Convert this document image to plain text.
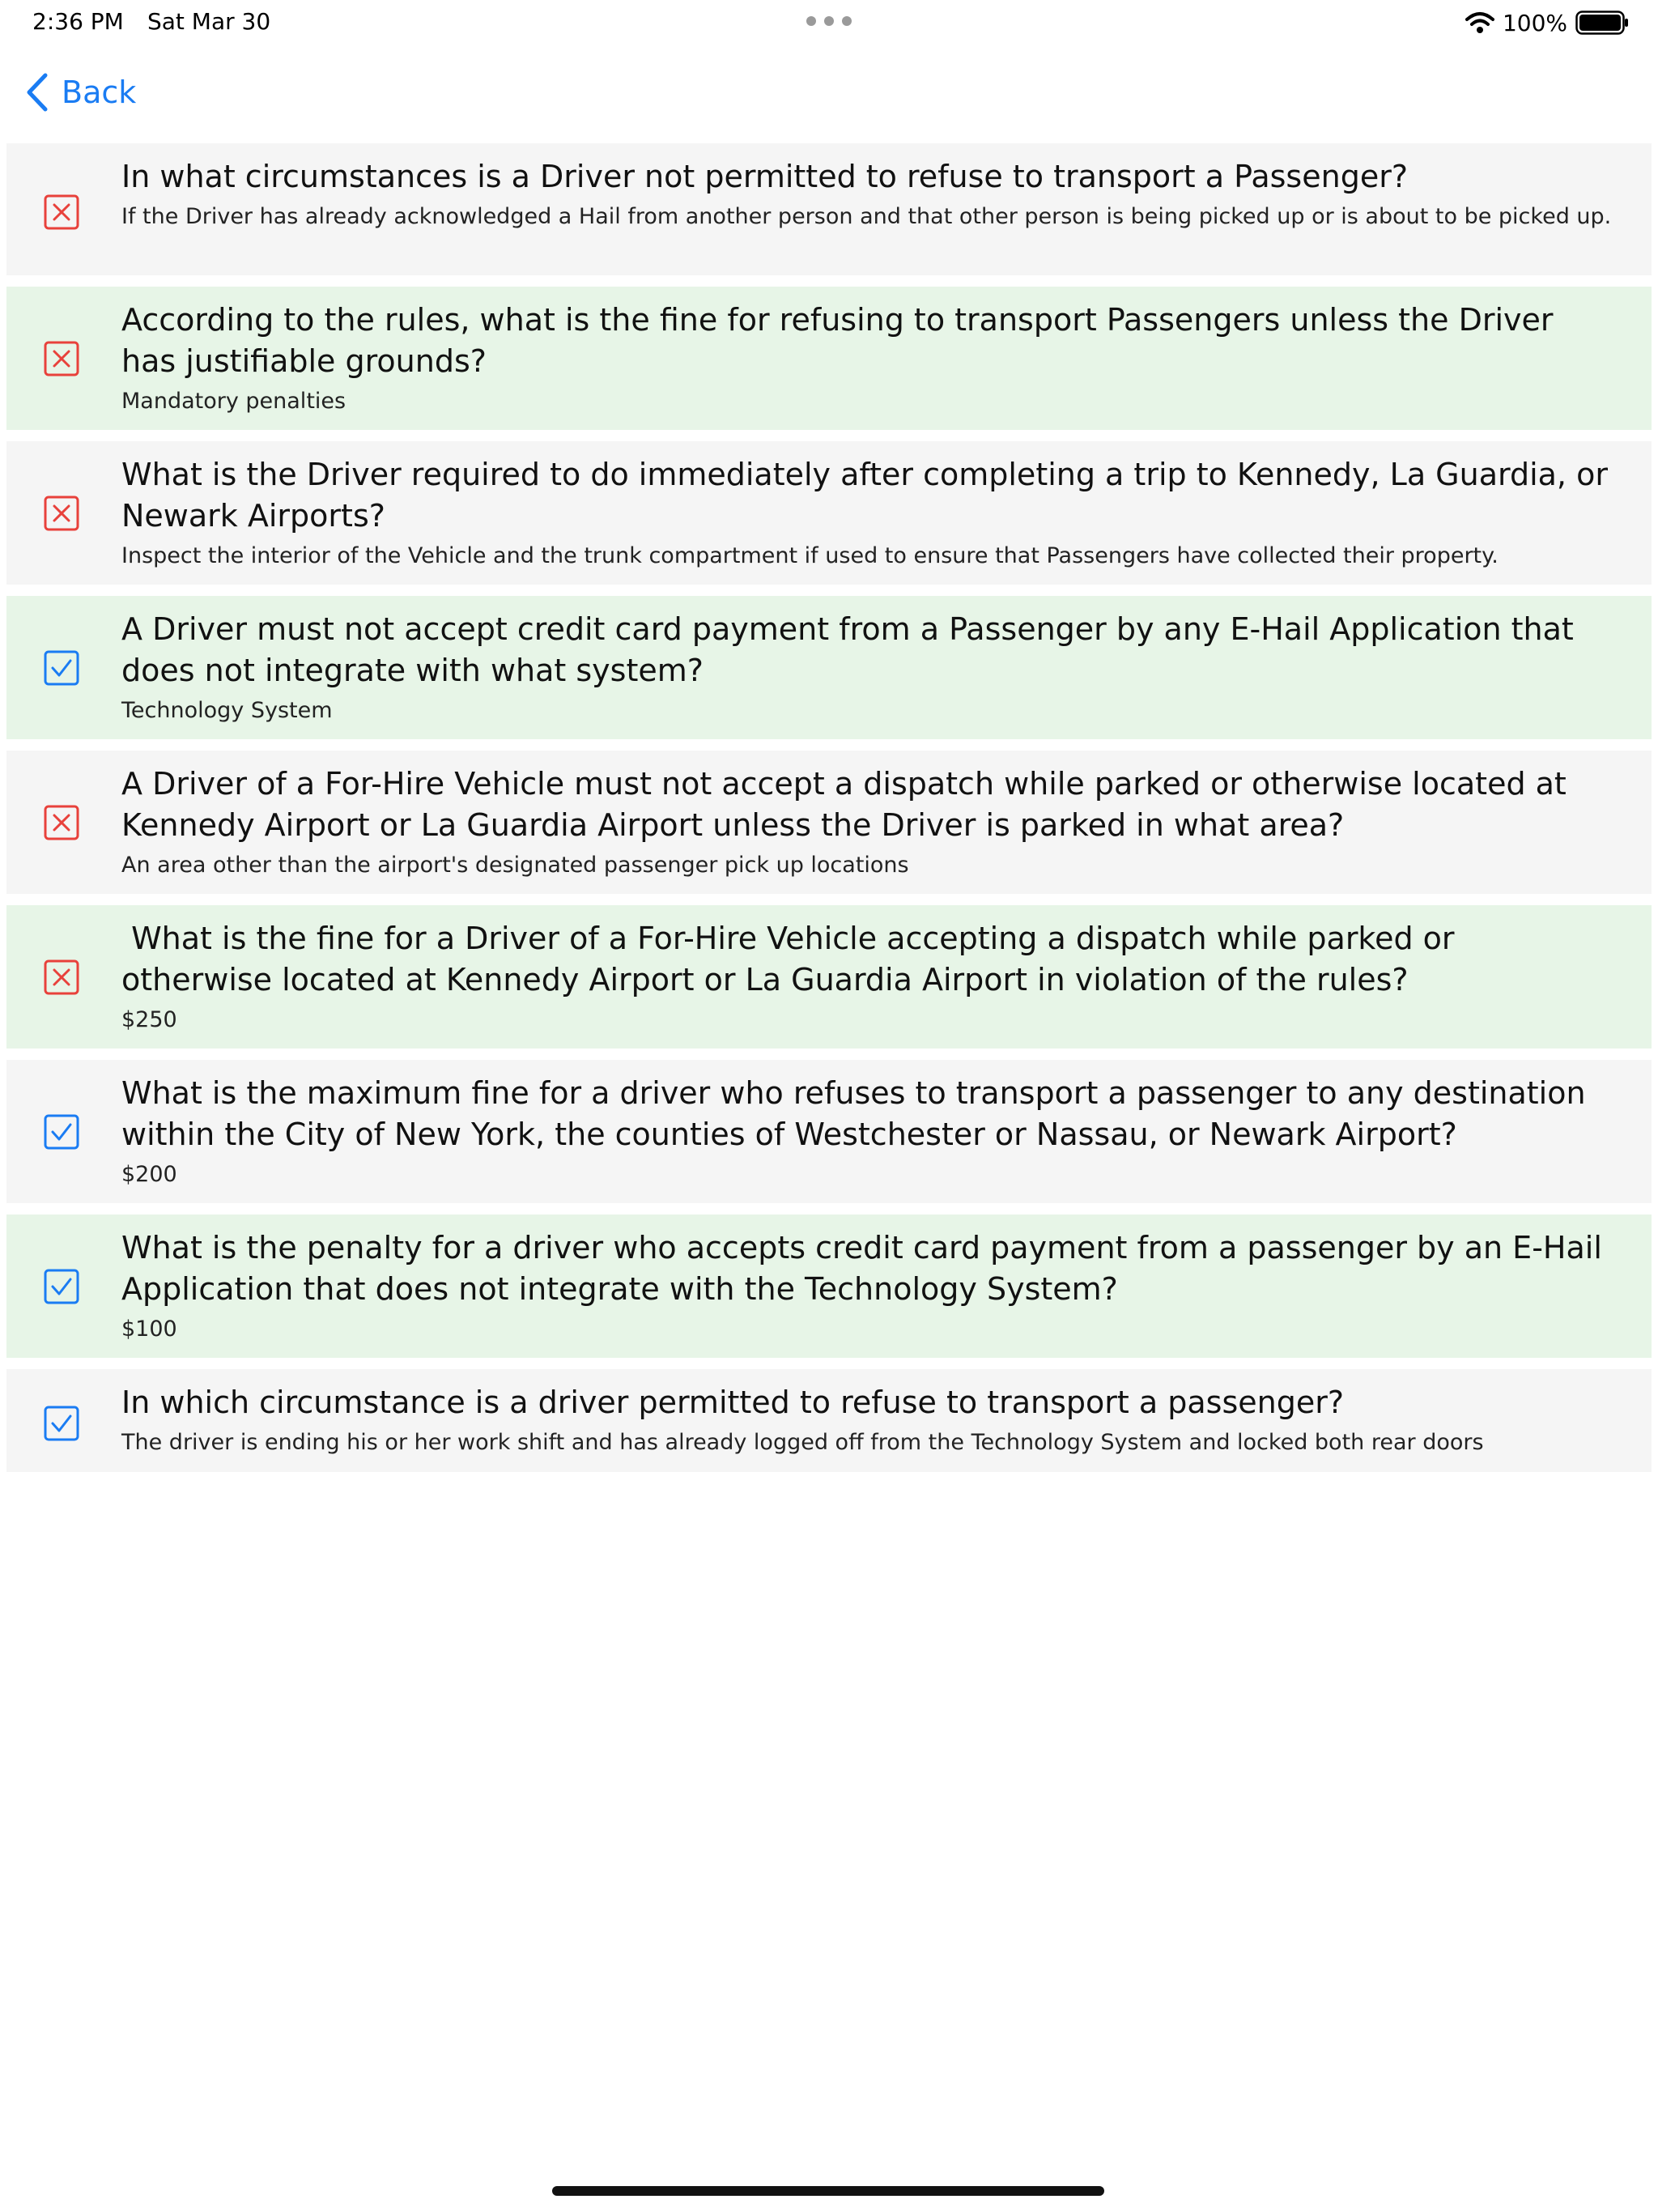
2:36 PM Sat Mar 30	100%
Back
In what circumstances is a Driver not permitted to refuse to transport a Passenger?
If the Driver has already acknowledged a Hail from another person and that other person is being picked up or is about to be picked up.
According to the rules, what is the fine for refusing to transport Passengers unless the Driver has justifiable grounds?
Mandatory penalties
What is the Driver required to do immediately after completing a trip to Kennedy, La Guardia, or Newark Airports?
Inspect the interior of the Vehicle and the trunk compartment if used to ensure that Passengers have collected their property.
A Driver must not accept credit card payment from a Passenger by any E-Hail Application that does not integrate with what system?
Technology System
A Driver of a For-Hire Vehicle must not accept a dispatch while parked or otherwise located at Kennedy Airport or La Guardia Airport unless the Driver is parked in what area?
An area other than the airport's designated passenger pick up locations
What is the fine for a Driver of a For-Hire Vehicle accepting a dispatch while parked or otherwise located at Kennedy Airport or La Guardia Airport in violation of the rules?
$250
What is the maximum fine for a driver who refuses to transport a passenger to any destination within the City of New York, the counties of Westchester or Nassau, or Newark Airport?
$200
What is the penalty for a driver who accepts credit card payment from a passenger by an E-Hail Application that does not integrate with the Technology System?
$100
In which circumstance is a driver permitted to refuse to transport a passenger?
The driver is ending his or her work shift and has already logged off from the Technology System and locked both rear doors
